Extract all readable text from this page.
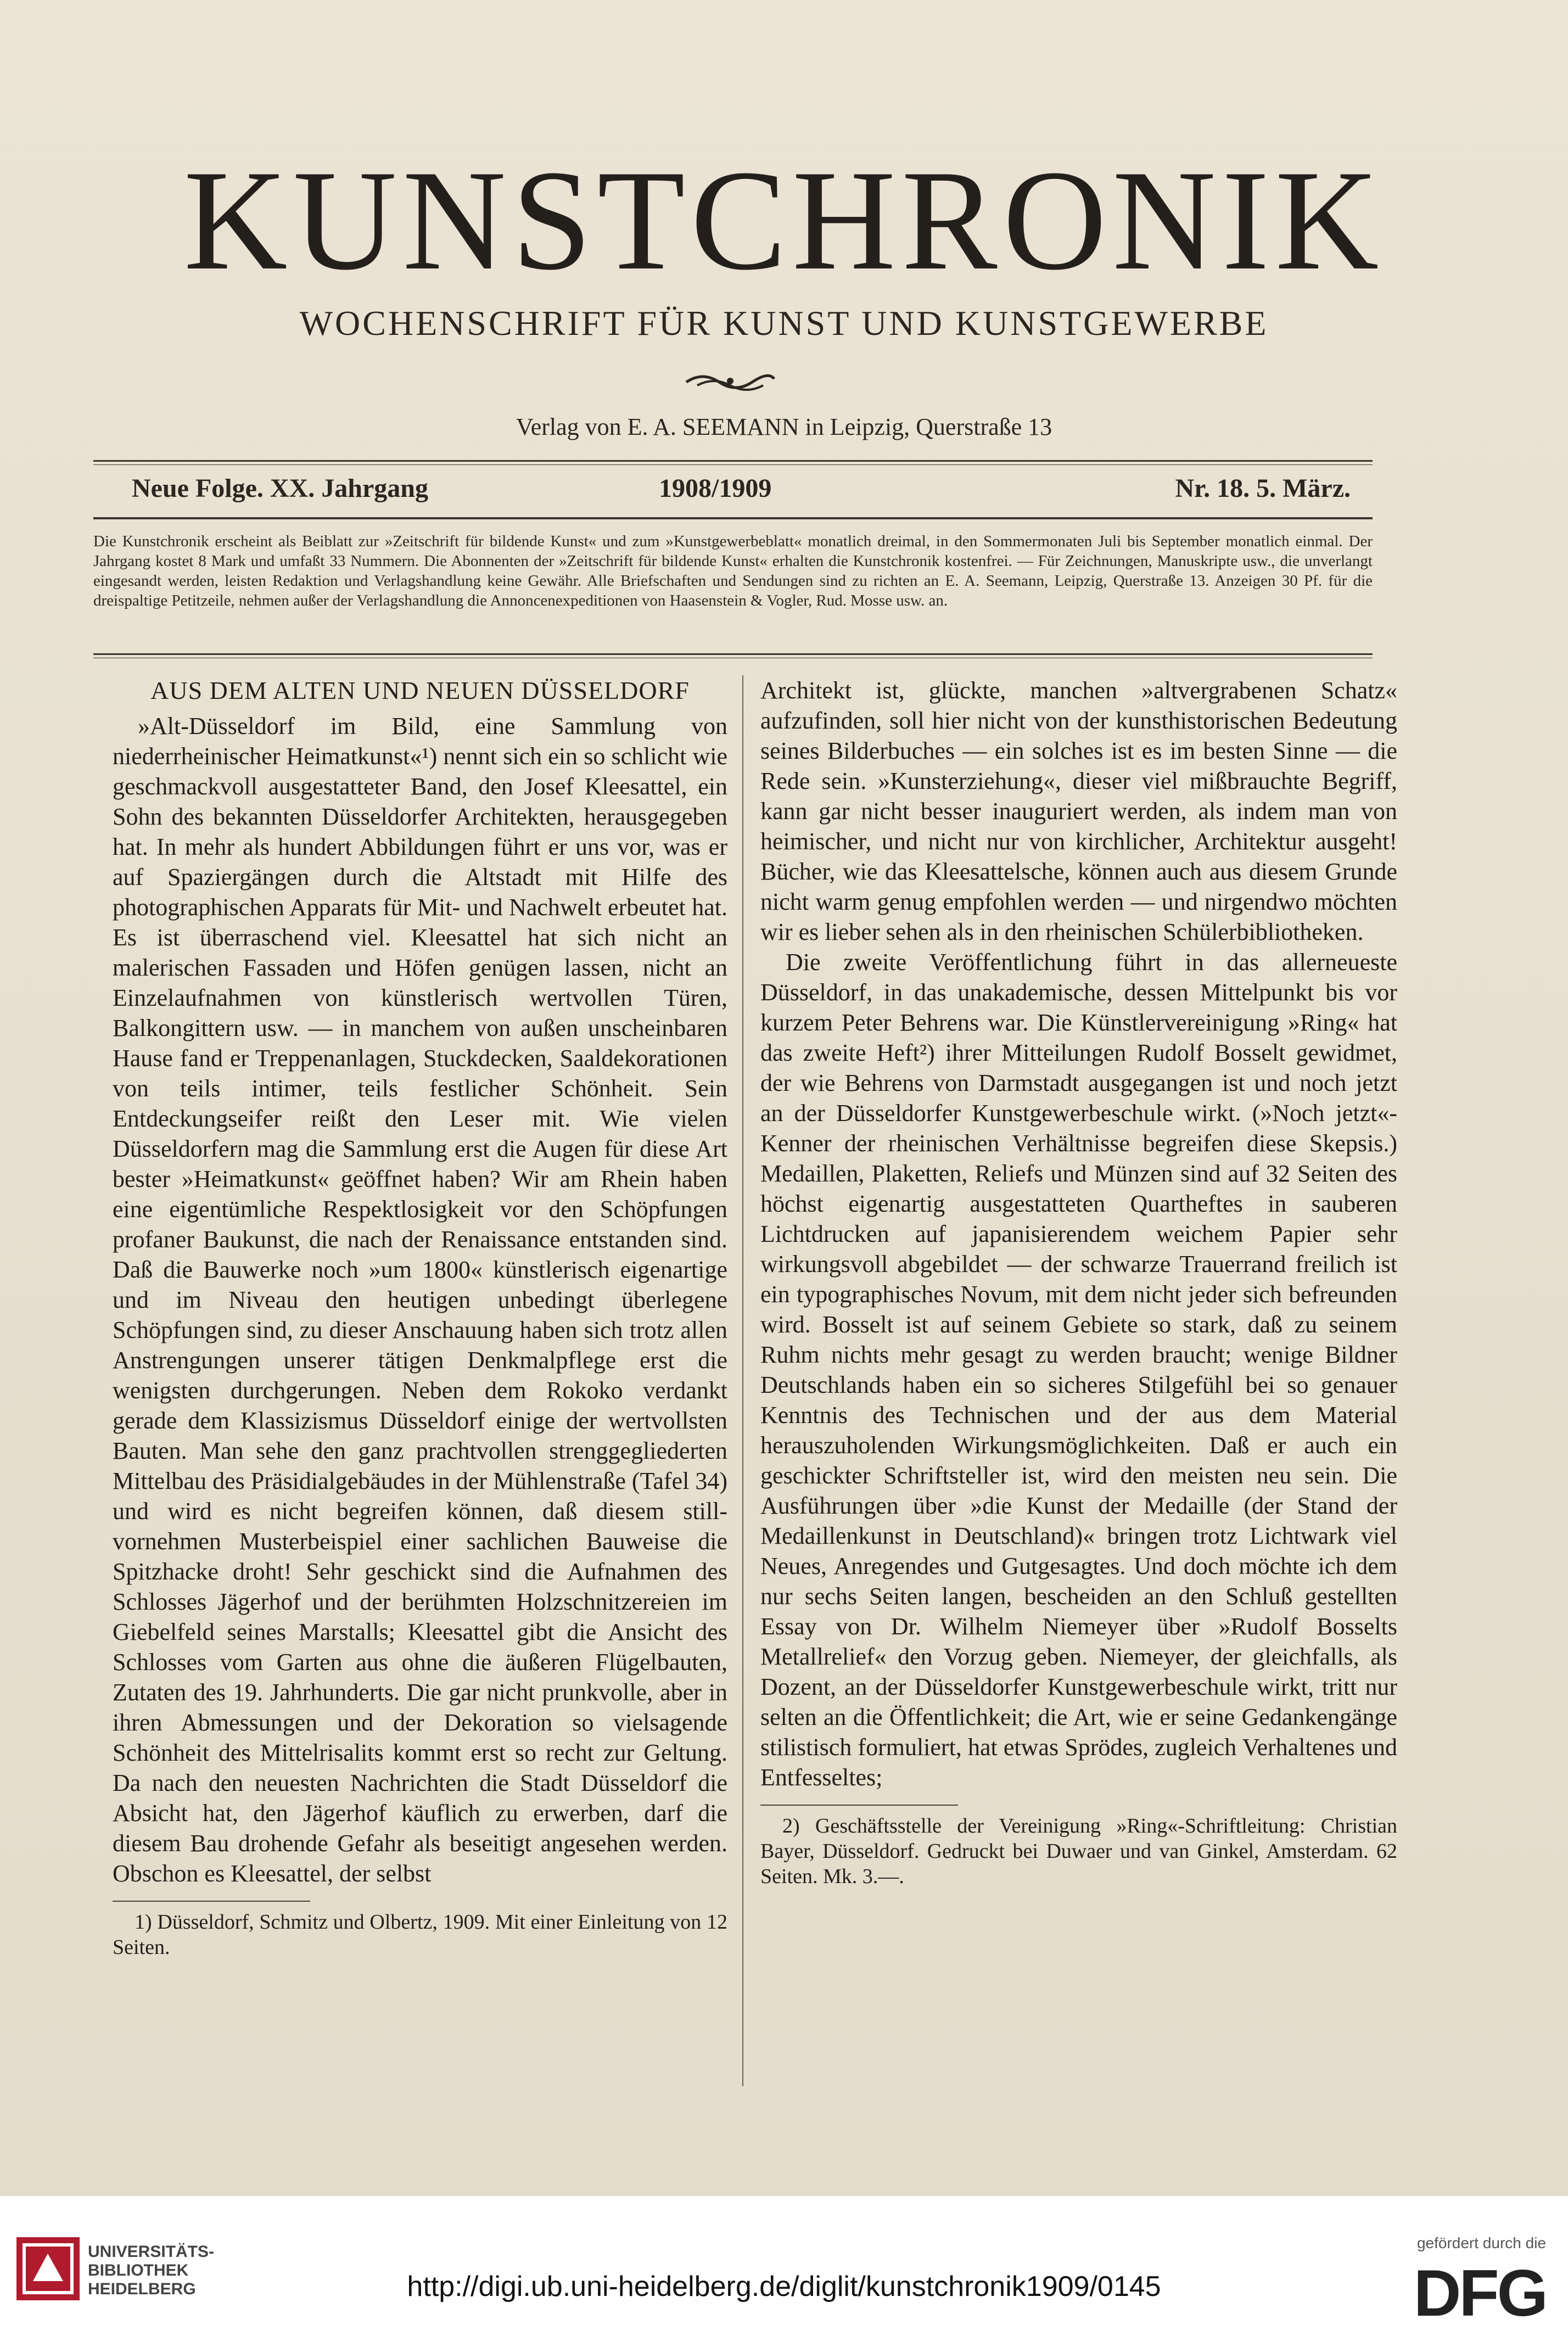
KUNSTCHRONIK
WOCHENSCHRIFT FÜR KUNST UND KUNSTGEWERBE
Verlag von E. A. SEEMANN in Leipzig, Querstraße 13
Neue Folge. XX. Jahrgang	1908/1909	Nr. 18. 5. März.
Die Kunstchronik erscheint als Beiblatt zur »Zeitschrift für bildende Kunst« und zum »Kunstgewerbeblatt« monatlich dreimal, in den Sommermonaten Juli bis September monatlich einmal. Der Jahrgang kostet 8 Mark und umfaßt 33 Nummern. Die Abonnenten der »Zeitschrift für bildende Kunst« erhalten die Kunstchronik kostenfrei. — Für Zeichnungen, Manuskripte usw., die unverlangt eingesandt werden, leisten Redaktion und Verlagshandlung keine Gewähr. Alle Briefschaften und Sendungen sind zu richten an E. A. Seemann, Leipzig, Querstraße 13. Anzeigen 30 Pf. für die dreispaltige Petitzeile, nehmen außer der Verlagshandlung die Annoncenexpeditionen von Haasenstein & Vogler, Rud. Mosse usw. an.
AUS DEM ALTEN UND NEUEN DÜSSELDORF

»Alt-Düsseldorf im Bild, eine Sammlung von niederrheinischer Heimatkunst«¹) nennt sich ein so schlicht wie geschmackvoll ausgestatteter Band, den Josef Kleesattel, ein Sohn des bekannten Düsseldorfer Architekten, herausgegeben hat. In mehr als hundert Abbildungen führt er uns vor, was er auf Spaziergängen durch die Altstadt mit Hilfe des photographischen Apparats für Mit- und Nachwelt erbeutet hat. Es ist überraschend viel. Kleesattel hat sich nicht an malerischen Fassaden und Höfen genügen lassen, nicht an Einzelaufnahmen von künstlerisch wertvollen Türen, Balkongittern usw. — in manchem von außen unscheinbaren Hause fand er Treppenanlagen, Stuckdecken, Saaldekorationen von teils intimer, teils festlicher Schönheit. Sein Entdeckungseifer reißt den Leser mit. Wie vielen Düsseldorfern mag die Sammlung erst die Augen für diese Art bester »Heimatkunst« geöffnet haben? Wir am Rhein haben eine eigentümliche Respektlosigkeit vor den Schöpfungen profaner Baukunst, die nach der Renaissance entstanden sind. Daß die Bauwerke noch »um 1800« künstlerisch eigenartige und im Niveau den heutigen unbedingt überlegene Schöpfungen sind, zu dieser Anschauung haben sich trotz allen Anstrengungen unserer tätigen Denkmalpflege erst die wenigsten durchgerungen. Neben dem Rokoko verdankt gerade dem Klassizismus Düsseldorf einige der wertvollsten Bauten. Man sehe den ganz prachtvollen strenggegliederten Mittelbau des Präsidialgebäudes in der Mühlenstraße (Tafel 34) und wird es nicht begreifen können, daß diesem still-vornehmen Musterbeispiel einer sachlichen Bauweise die Spitzhacke droht! Sehr geschickt sind die Aufnahmen des Schlosses Jägerhof und der berühmten Holzschnitzereien im Giebelfeld seines Marstalls; Kleesattel gibt die Ansicht des Schlosses vom Garten aus ohne die äußeren Flügelbauten, Zutaten des 19. Jahrhunderts. Die gar nicht prunkvolle, aber in ihren Abmessungen und der Dekoration so vielsagende Schönheit des Mittelrisalits kommt erst so recht zur Geltung. Da nach den neuesten Nachrichten die Stadt Düsseldorf die Absicht hat, den Jägerhof käuflich zu erwerben, darf die diesem Bau drohende Gefahr als beseitigt angesehen werden. Obschon es Kleesattel, der selbst

1) Düsseldorf, Schmitz und Olbertz, 1909. Mit einer Einleitung von 12 Seiten.

Architekt ist, glückte, manchen »altvergrabenen Schatz« aufzufinden, soll hier nicht von der kunsthistorischen Bedeutung seines Bilderbuches — ein solches ist es im besten Sinne — die Rede sein. »Kunsterziehung«, dieser viel mißbrauchte Begriff, kann gar nicht besser inauguriert werden, als indem man von heimischer, und nicht nur von kirchlicher, Architektur ausgeht! Bücher, wie das Kleesattelsche, können auch aus diesem Grunde nicht warm genug empfohlen werden — und nirgendwo möchten wir es lieber sehen als in den rheinischen Schülerbibliotheken.

Die zweite Veröffentlichung führt in das allerneueste Düsseldorf, in das unakademische, dessen Mittelpunkt bis vor kurzem Peter Behrens war. Die Künstlervereinigung »Ring« hat das zweite Heft²) ihrer Mitteilungen Rudolf Bosselt gewidmet, der wie Behrens von Darmstadt ausgegangen ist und noch jetzt an der Düsseldorfer Kunstgewerbeschule wirkt. (»Noch jetzt«-Kenner der rheinischen Verhältnisse begreifen diese Skepsis.) Medaillen, Plaketten, Reliefs und Münzen sind auf 32 Seiten des höchst eigenartig ausgestatteten Quartheftes in sauberen Lichtdrucken auf japanisierendem weichem Papier sehr wirkungsvoll abgebildet — der schwarze Trauerrand freilich ist ein typographisches Novum, mit dem nicht jeder sich befreunden wird. Bosselt ist auf seinem Gebiete so stark, daß zu seinem Ruhm nichts mehr gesagt zu werden braucht; wenige Bildner Deutschlands haben ein so sicheres Stilgefühl bei so genauer Kenntnis des Technischen und der aus dem Material herauszuholenden Wirkungsmöglichkeiten. Daß er auch ein geschickter Schriftsteller ist, wird den meisten neu sein. Die Ausführungen über »die Kunst der Medaille (der Stand der Medaillenkunst in Deutschland)« bringen trotz Lichtwark viel Neues, Anregendes und Gutgesagtes. Und doch möchte ich dem nur sechs Seiten langen, bescheiden an den Schluß gestellten Essay von Dr. Wilhelm Niemeyer über »Rudolf Bosselts Metallrelief« den Vorzug geben. Niemeyer, der gleichfalls, als Dozent, an der Düsseldorfer Kunstgewerbeschule wirkt, tritt nur selten an die Öffentlichkeit; die Art, wie er seine Gedankengänge stilistisch formuliert, hat etwas Sprödes, zugleich Verhaltenes und Entfesseltes;

2) Geschäftsstelle der Vereinigung »Ring«-Schriftleitung: Christian Bayer, Düsseldorf. Gedruckt bei Duwaer und van Ginkel, Amsterdam. 62 Seiten. Mk. 3.—.

UNIVERSITÄTS-
BIBLIOTHEK
HEIDELBERG	http://digi.ub.uni-heidelberg.de/diglit/kunstchronik1909/0145
gefördert durch die
DFG
